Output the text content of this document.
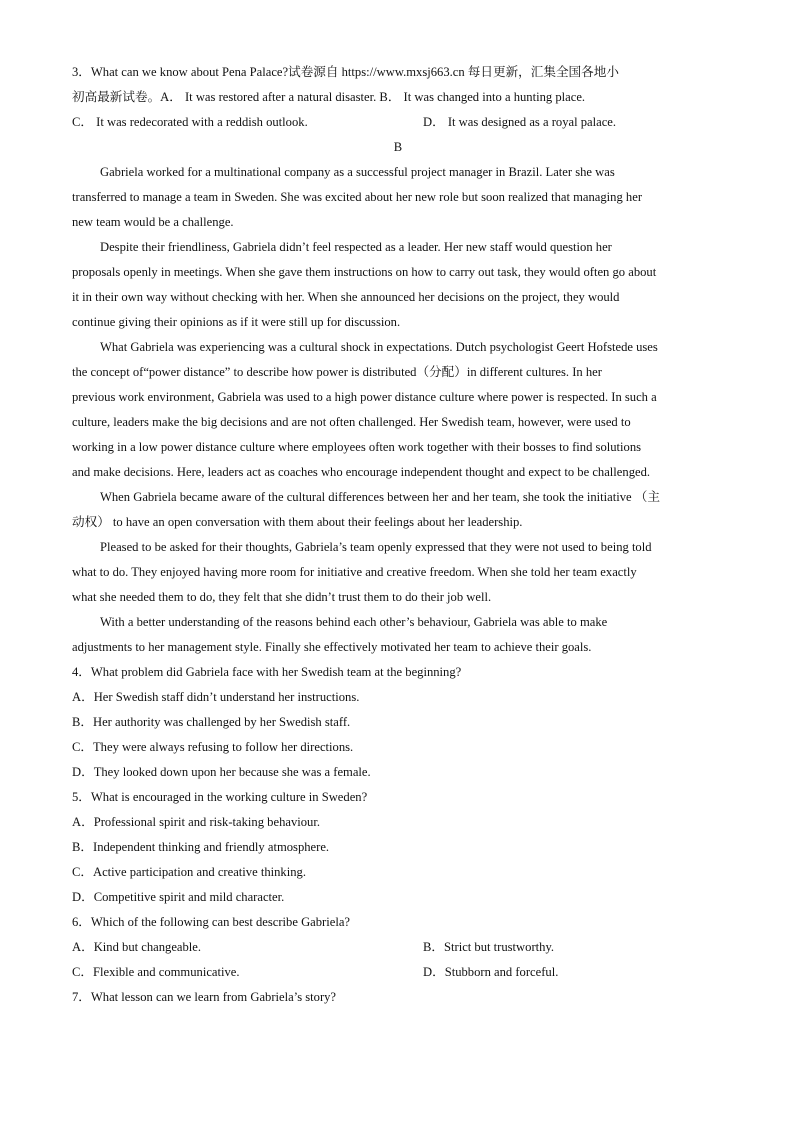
3．What can we know about Pena Palace?试卷源自 https://www.mxsj663.cn 每日更新，汇集全国各地小
初高最新试卷。A． It was restored after a natural disaster. B． It was changed into a hunting place.
C． It was redecorated with a reddish outlook.	D． It was designed as a royal palace.
B
Gabriela worked for a multinational company as a successful project manager in Brazil. Later she was
transferred to manage a team in Sweden. She was excited about her new role but soon realized that managing her
new team would be a challenge.
Despite their friendliness, Gabriela didn’t feel respected as a leader. Her new staff would question her
proposals openly in meetings. When she gave them instructions on how to carry out task, they would often go about
it in their own way without checking with her. When she announced her decisions on the project, they would
continue giving their opinions as if it were still up for discussion.
What Gabriela was experiencing was a cultural shock in expectations. Dutch psychologist Geert Hofstede uses
the concept of“power distance” to describe how power is distributed（分配）in different cultures. In her
previous work environment, Gabriela was used to a high power distance culture where power is respected. In such a
culture, leaders make the big decisions and are not often challenged. Her Swedish team, however, were used to
working in a low power distance culture where employees often work together with their bosses to find solutions
and make decisions. Here, leaders act as coaches who encourage independent thought and expect to be challenged.
When Gabriela became aware of the cultural differences between her and her team, she took the initiative （主
动权） to have an open conversation with them about their feelings about her leadership.
Pleased to be asked for their thoughts, Gabriela’s team openly expressed that they were not used to being told
what to do. They enjoyed having more room for initiative and creative freedom. When she told her team exactly
what she needed them to do, they felt that she didn’t trust them to do their job well.
With a better understanding of the reasons behind each other’s behaviour, Gabriela was able to make
adjustments to her management style. Finally she effectively motivated her team to achieve their goals.
4．What problem did Gabriela face with her Swedish team at the beginning?
A．Her Swedish staff didn’t understand her instructions.
B．Her authority was challenged by her Swedish staff.
C．They were always refusing to follow her directions.
D．They looked down upon her because she was a female.
5．What is encouraged in the working culture in Sweden?
A．Professional spirit and risk-taking behaviour.
B．Independent thinking and friendly atmosphere.
C．Active participation and creative thinking.
D．Competitive spirit and mild character.
6．Which of the following can best describe Gabriela?
A．Kind but changeable.	B．Strict but trustworthy.
C．Flexible and communicative.	D．Stubborn and forceful.
7．What lesson can we learn from Gabriela’s story?
